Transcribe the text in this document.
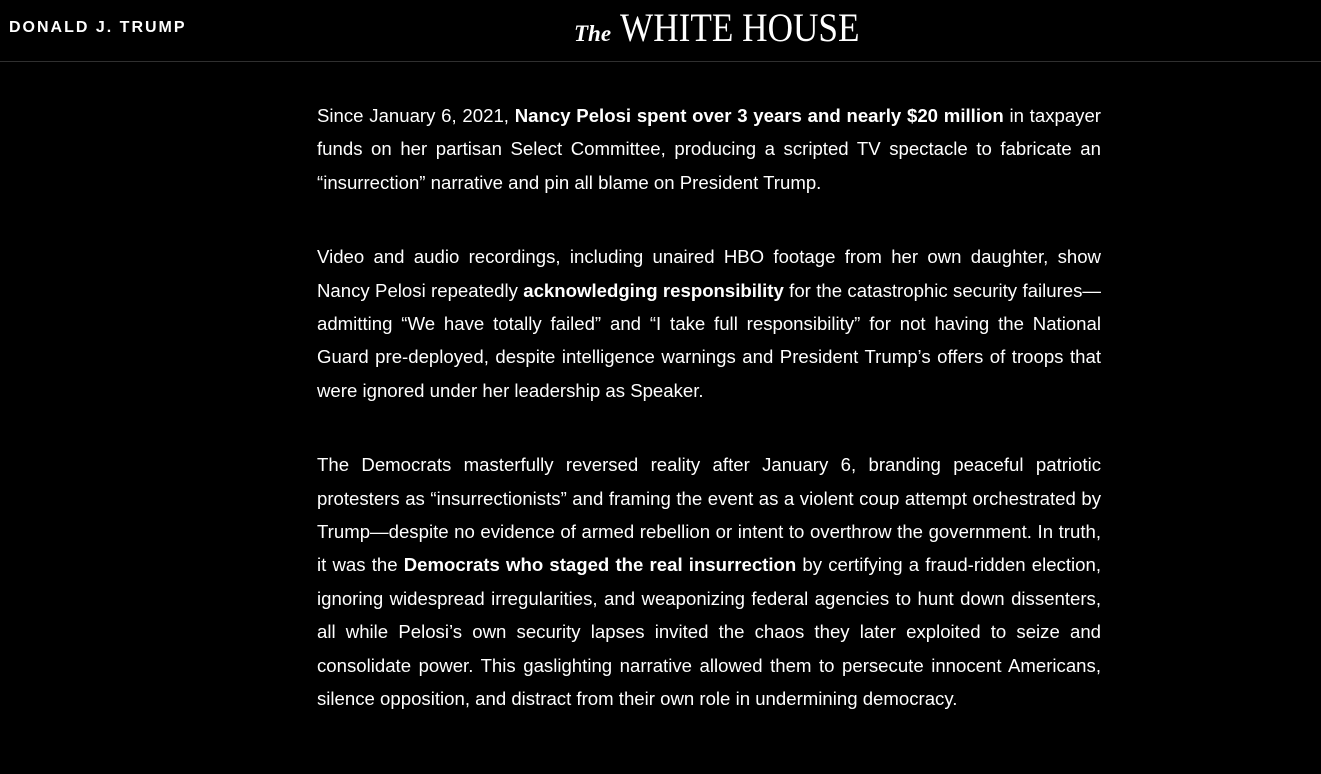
DONALD J. TRUMP	The WHITE HOUSE

Since January 6, 2021, Nancy Pelosi spent over 3 years and nearly $20 million in taxpayer funds on her partisan Select Committee, producing a scripted TV spectacle to fabricate an “insurrection” narrative and pin all blame on President Trump.

Video and audio recordings, including unaired HBO footage from her own daughter, show Nancy Pelosi repeatedly acknowledging responsibility for the catastrophic security failures—admitting “We have totally failed” and “I take full responsibility” for not having the National Guard pre-deployed, despite intelligence warnings and President Trump’s offers of troops that were ignored under her leadership as Speaker.

The Democrats masterfully reversed reality after January 6, branding peaceful patriotic protesters as “insurrectionists” and framing the event as a violent coup attempt orchestrated by Trump—despite no evidence of armed rebellion or intent to overthrow the government. In truth, it was the Democrats who staged the real insurrection by certifying a fraud-ridden election, ignoring widespread irregularities, and weaponizing federal agencies to hunt down dissenters, all while Pelosi’s own security lapses invited the chaos they later exploited to seize and consolidate power. This gaslighting narrative allowed them to persecute innocent Americans, silence opposition, and distract from their own role in undermining democracy.
